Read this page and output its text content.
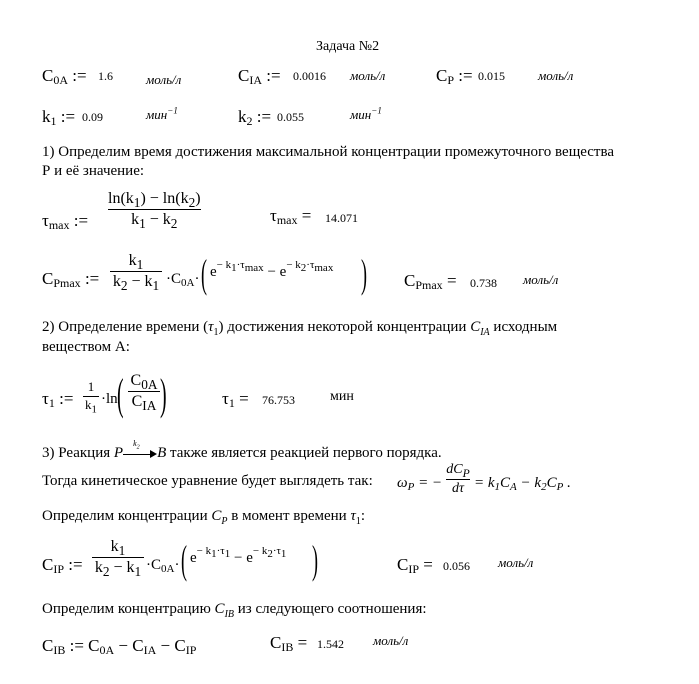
Задача №2
$C_{0A}$ := 1.6	моль/л	$C_{IA}$ := 0.0016 моль/л	$C_P$ := 0.015	моль/л
$k_1$ := 0.09	мин$^{-1}$	$k_2$ := 0.055	мин$^{-1}$
1) Определим время достижения максимальной концентрации промежуточного вещества
Р и её значение:
$\tau_{max}$ :=
$\ln(k_1) - \ln(k_2)$
$k_1 - k_2$	$\tau_{max} = 14.071$
$C_{Pmax}$ :=
$k_1$
$k_2 - k_1 \cdot C_{0A}\cdot$ ( $e^{- k_1\cdot\tau_{max}} - e^{- k_2\cdot\tau_{max}}$ ) $C_{Pmax} = 0.738$ моль/л
2) Определение времени $(\tau_1)$ достижения некоторой концентрации $C_{IA}$ исходным
веществом А:
$\tau_1$ :=
1
$k_1$
·ln ( $C_{0A}$
$C_{IA}$ )	$\tau_1 = 76.753$	мин
3) Реакция P
$k_2$ B также является реакцией первого порядка.
Тогда кинетическое уравнение будет выглядеть так: $\omega_P$ = −
$dC_P$
$d\tau = k_1C_A - k_2C_P$ .
Определим концентрации $C_P$ в момент времени $\tau_1$:
$C_{IP}$ :=
$k_1$
$k_2 - k_1 \cdot C_{0A}\cdot$ ( $e^{- k_1\cdot\tau_1} - e^{- k_2\cdot\tau_1}$ )	$C_{IP} = 0.056$ моль/л
Определим концентрацию $C_{IB}$ из следующего соотношения:
$C_{IB}$ := $C_{0A} - C_{IA} - C_{IP}$	$C_{IB} = 1.542$ моль/л
